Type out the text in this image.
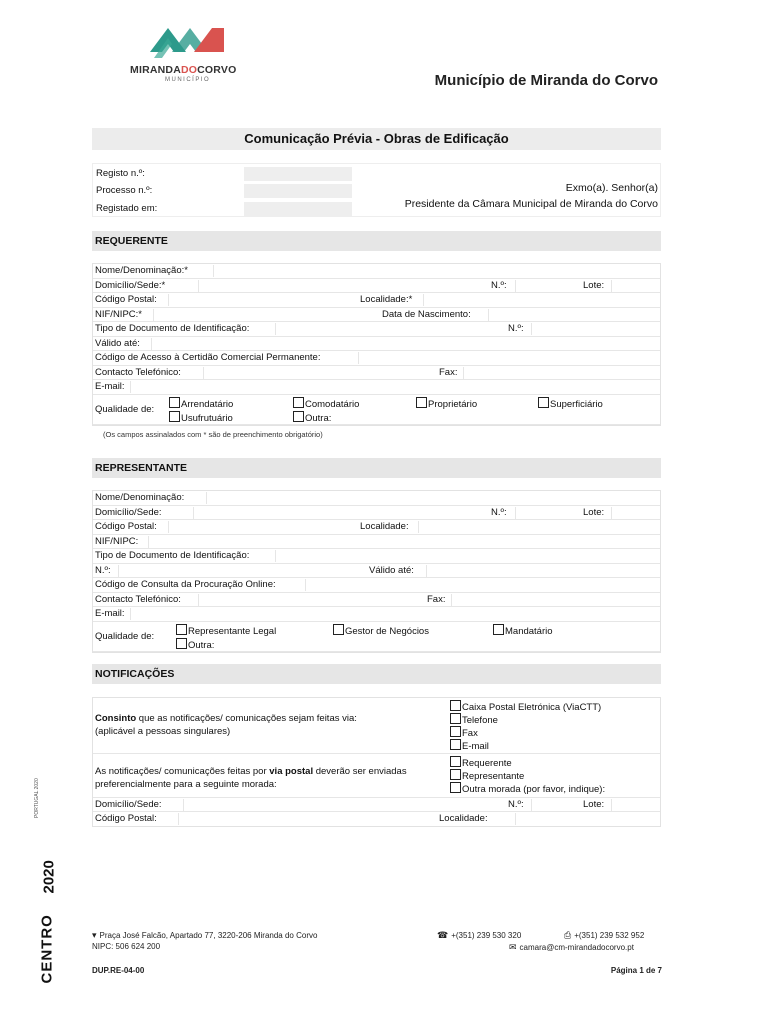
MIRANDADOCORVO
MUNICÍPIO	Município de Miranda do Corvo
Comunicação Prévia - Obras de Edificação
Registo n.º:
Processo n.º:
Registado em:
Exmo(a). Senhor(a)
Presidente da Câmara Municipal de Miranda do Corvo
REQUERENTE
Nome/Denominação:*
Domicílio/Sede:*	N.º:	Lote:
Código Postal:	Localidade:*
NIF/NIPC:*	Data de Nascimento:
Tipo de Documento de Identificação:	N.º:
Válido até:
Código de Acesso à Certidão Comercial Permanente:
Contacto Telefónico:	Fax:
E-mail:
Qualidade de:	Arrendatário	Comodatário	Proprietário	Superficiário
Usufrutuário	Outra:
(Os campos assinalados com * são de preenchimento obrigatório)
REPRESENTANTE
Nome/Denominação:
Domicílio/Sede:	N.º:	Lote:
Código Postal:	Localidade:
NIF/NIPC:
Tipo de Documento de Identificação:
N.º:	Válido até:
Código de Consulta da Procuração Online:
Contacto Telefónico:	Fax:
E-mail:
Qualidade de:	Representante Legal	Gestor de Negócios	Mandatário
Outra:
NOTIFICAÇÕES
Consinto que as notificações/ comunicações sejam feitas via:
(aplicável a pessoas singulares)
Caixa Postal Eletrónica (ViaCTT)
Telefone
Fax
E-mail
As notificações/ comunicações feitas por via postal deverão ser enviadas
preferencialmente para a seguinte morada:
Requerente
Representante
Outra morada (por favor, indique):
Domicílio/Sede:	N.º:	Lote:
Código Postal:	Localidade:
CENTRO
2020
PORTUGAL 2020
▾ Praça José Falcão, Apartado 77, 3220-206 Miranda do Corvo
NIPC: 506 624 200
☎ +(351) 239 530 320	⎙ +(351) 239 532 952
✉ camara@cm-mirandadocorvo.pt
DUP.RE-04-00	Página 1 de 7
